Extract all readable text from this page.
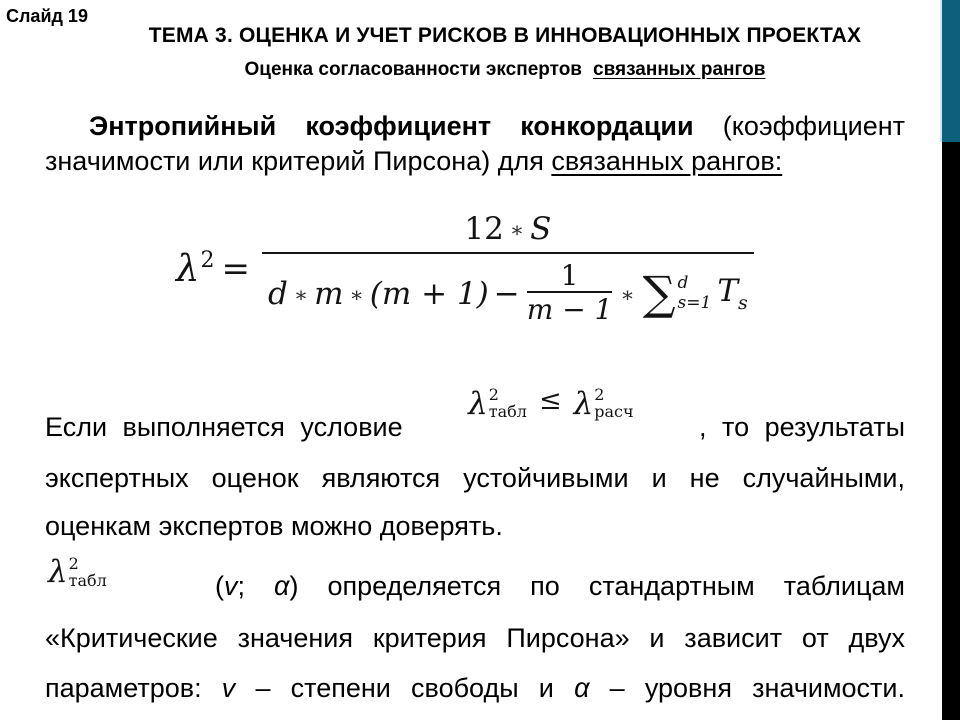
Слайд 19
ТЕМА 3. ОЦЕНКА И УЧЕТ РИСКОВ В ИННОВАЦИОННЫХ ПРОЕКТАХ
Оценка согласованности экспертов связанных рангов
Энтропийный коэффициент конкордации (коэффициент
значимости или критерий Пирсона) для связанных рангов:
$\lambda^2 = 12$ ∗ S
d ∗ m ∗ $(m + 1) - \frac{1}{m - 1}$ ∗ ∑ d
s=1 $T_s$
Если выполняется условие
λ 2
табл ≤ λ 2
расч
, то результаты
экспертных оценок являются устойчивыми и не случайными,
оценкам экспертов можно доверять.
λ 2
табл	(v; α) определяется по стандартным таблицам
«Критические значения критерия Пирсона» и зависит от двух
параметров: v – степени свободы и α – уровня значимости.
